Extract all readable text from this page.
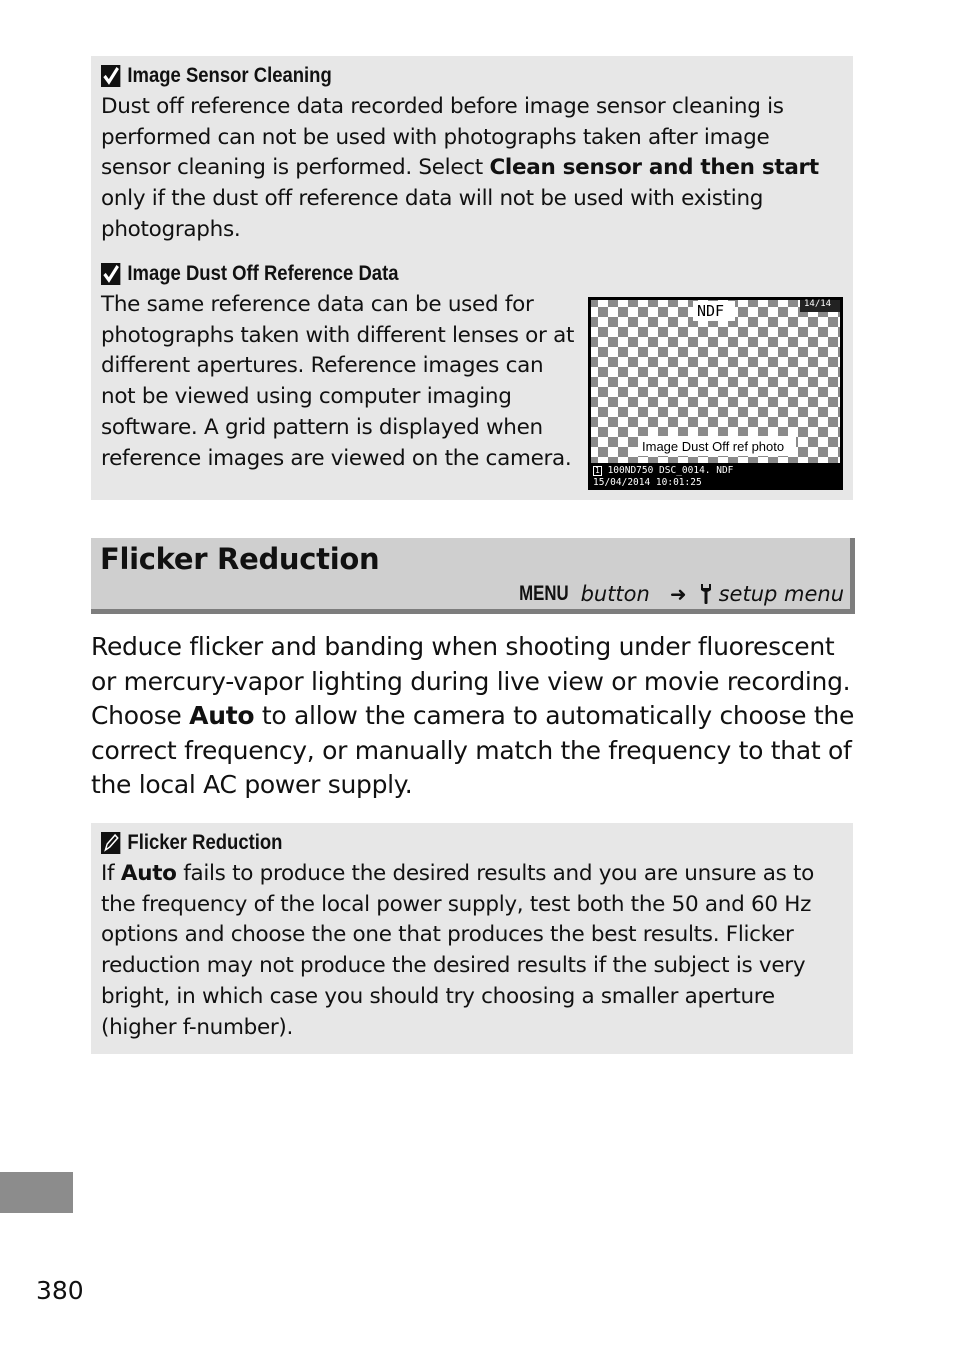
Image Sensor Cleaning
Dust off reference data recorded before image sensor cleaning is performed can not be used with photographs taken after image sensor cleaning is performed. Select Clean sensor and then start only if the dust off reference data will not be used with existing photographs.
Image Dust Off Reference Data
The same reference data can be used for photographs taken with different lenses or at different apertures. Reference images can not be viewed using computer imaging software. A grid pattern is displayed when reference images are viewed on the camera.
NDF	14/14
Image Dust Off ref photo
1 100ND750 DSC_0014. NDF
15/04/2014 10:01:25
Flicker Reduction
MENU button ➜ setup menu
Reduce flicker and banding when shooting under fluorescent or mercury-vapor lighting during live view or movie recording. Choose Auto to allow the camera to automatically choose the correct frequency, or manually match the frequency to that of the local AC power supply.
Flicker Reduction
If Auto fails to produce the desired results and you are unsure as to the frequency of the local power supply, test both the 50 and 60 Hz options and choose the one that produces the best results. Flicker reduction may not produce the desired results if the subject is very bright, in which case you should try choosing a smaller aperture (higher f-number).
380
